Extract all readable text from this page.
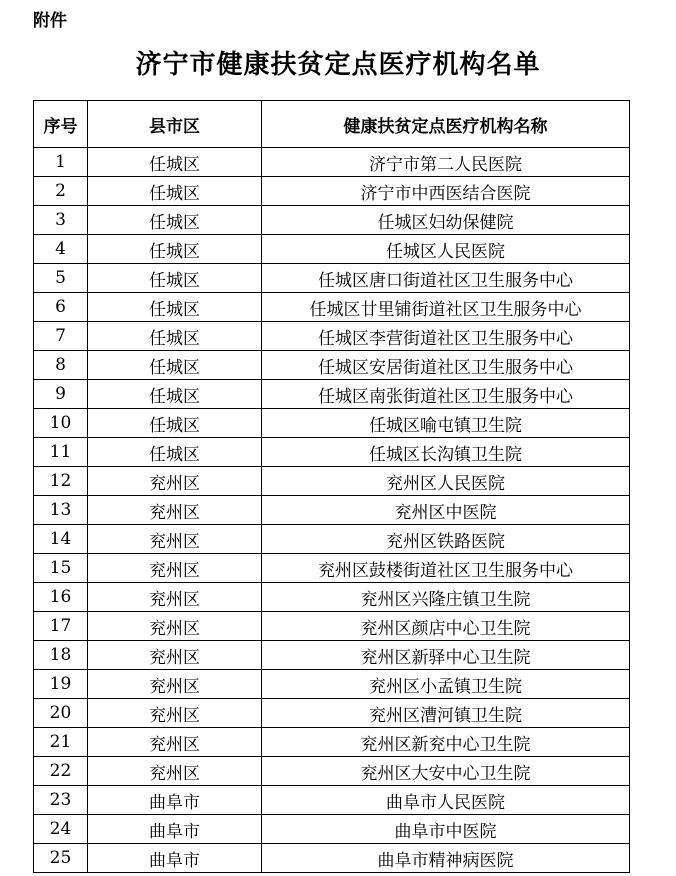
附件
济宁市健康扶贫定点医疗机构名单
序号	县市区	健康扶贫定点医疗机构名称
1	任城区	济宁市第二人民医院
2	任城区	济宁市中西医结合医院
3	任城区	任城区妇幼保健院
4	任城区	任城区人民医院
5	任城区	任城区唐口街道社区卫生服务中心
6	任城区	任城区廿里铺街道社区卫生服务中心
7	任城区	任城区李营街道社区卫生服务中心
8	任城区	任城区安居街道社区卫生服务中心
9	任城区	任城区南张街道社区卫生服务中心
10	任城区	任城区喻屯镇卫生院
11	任城区	任城区长沟镇卫生院
12	兖州区	兖州区人民医院
13	兖州区	兖州区中医院
14	兖州区	兖州区铁路医院
15	兖州区	兖州区鼓楼街道社区卫生服务中心
16	兖州区	兖州区兴隆庄镇卫生院
17	兖州区	兖州区颜店中心卫生院
18	兖州区	兖州区新驿中心卫生院
19	兖州区	兖州区小孟镇卫生院
20	兖州区	兖州区漕河镇卫生院
21	兖州区	兖州区新兖中心卫生院
22	兖州区	兖州区大安中心卫生院
23	曲阜市	曲阜市人民医院
24	曲阜市	曲阜市中医院
25	曲阜市	曲阜市精神病医院
